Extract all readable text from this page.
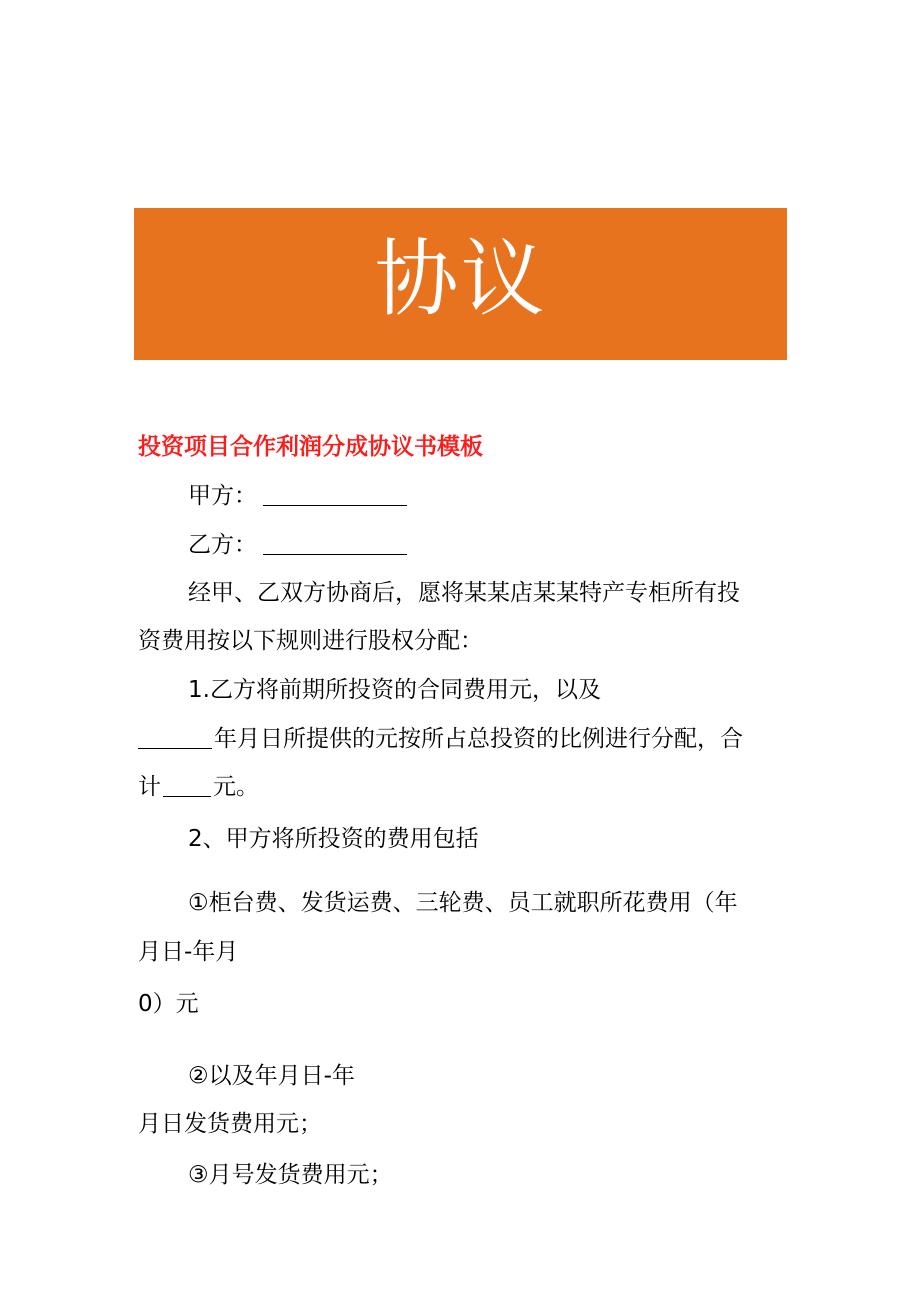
协议
投资项目合作利润分成协议书模板
甲方：
乙方：
经甲、乙双方协商后，愿将某某店某某特产专柜所有投
资费用按以下规则进行股权分配：
1.乙方将前期所投资的合同费用元，以及
年月日所提供的元按所占总投资的比例进行分配，合
计 元。
2、甲方将所投资的费用包括
①柜台费、发货运费、三轮费、员工就职所花费用（年
月日-年月
0）元
②以及年月日-年
月日发货费用元；
③月号发货费用元；
